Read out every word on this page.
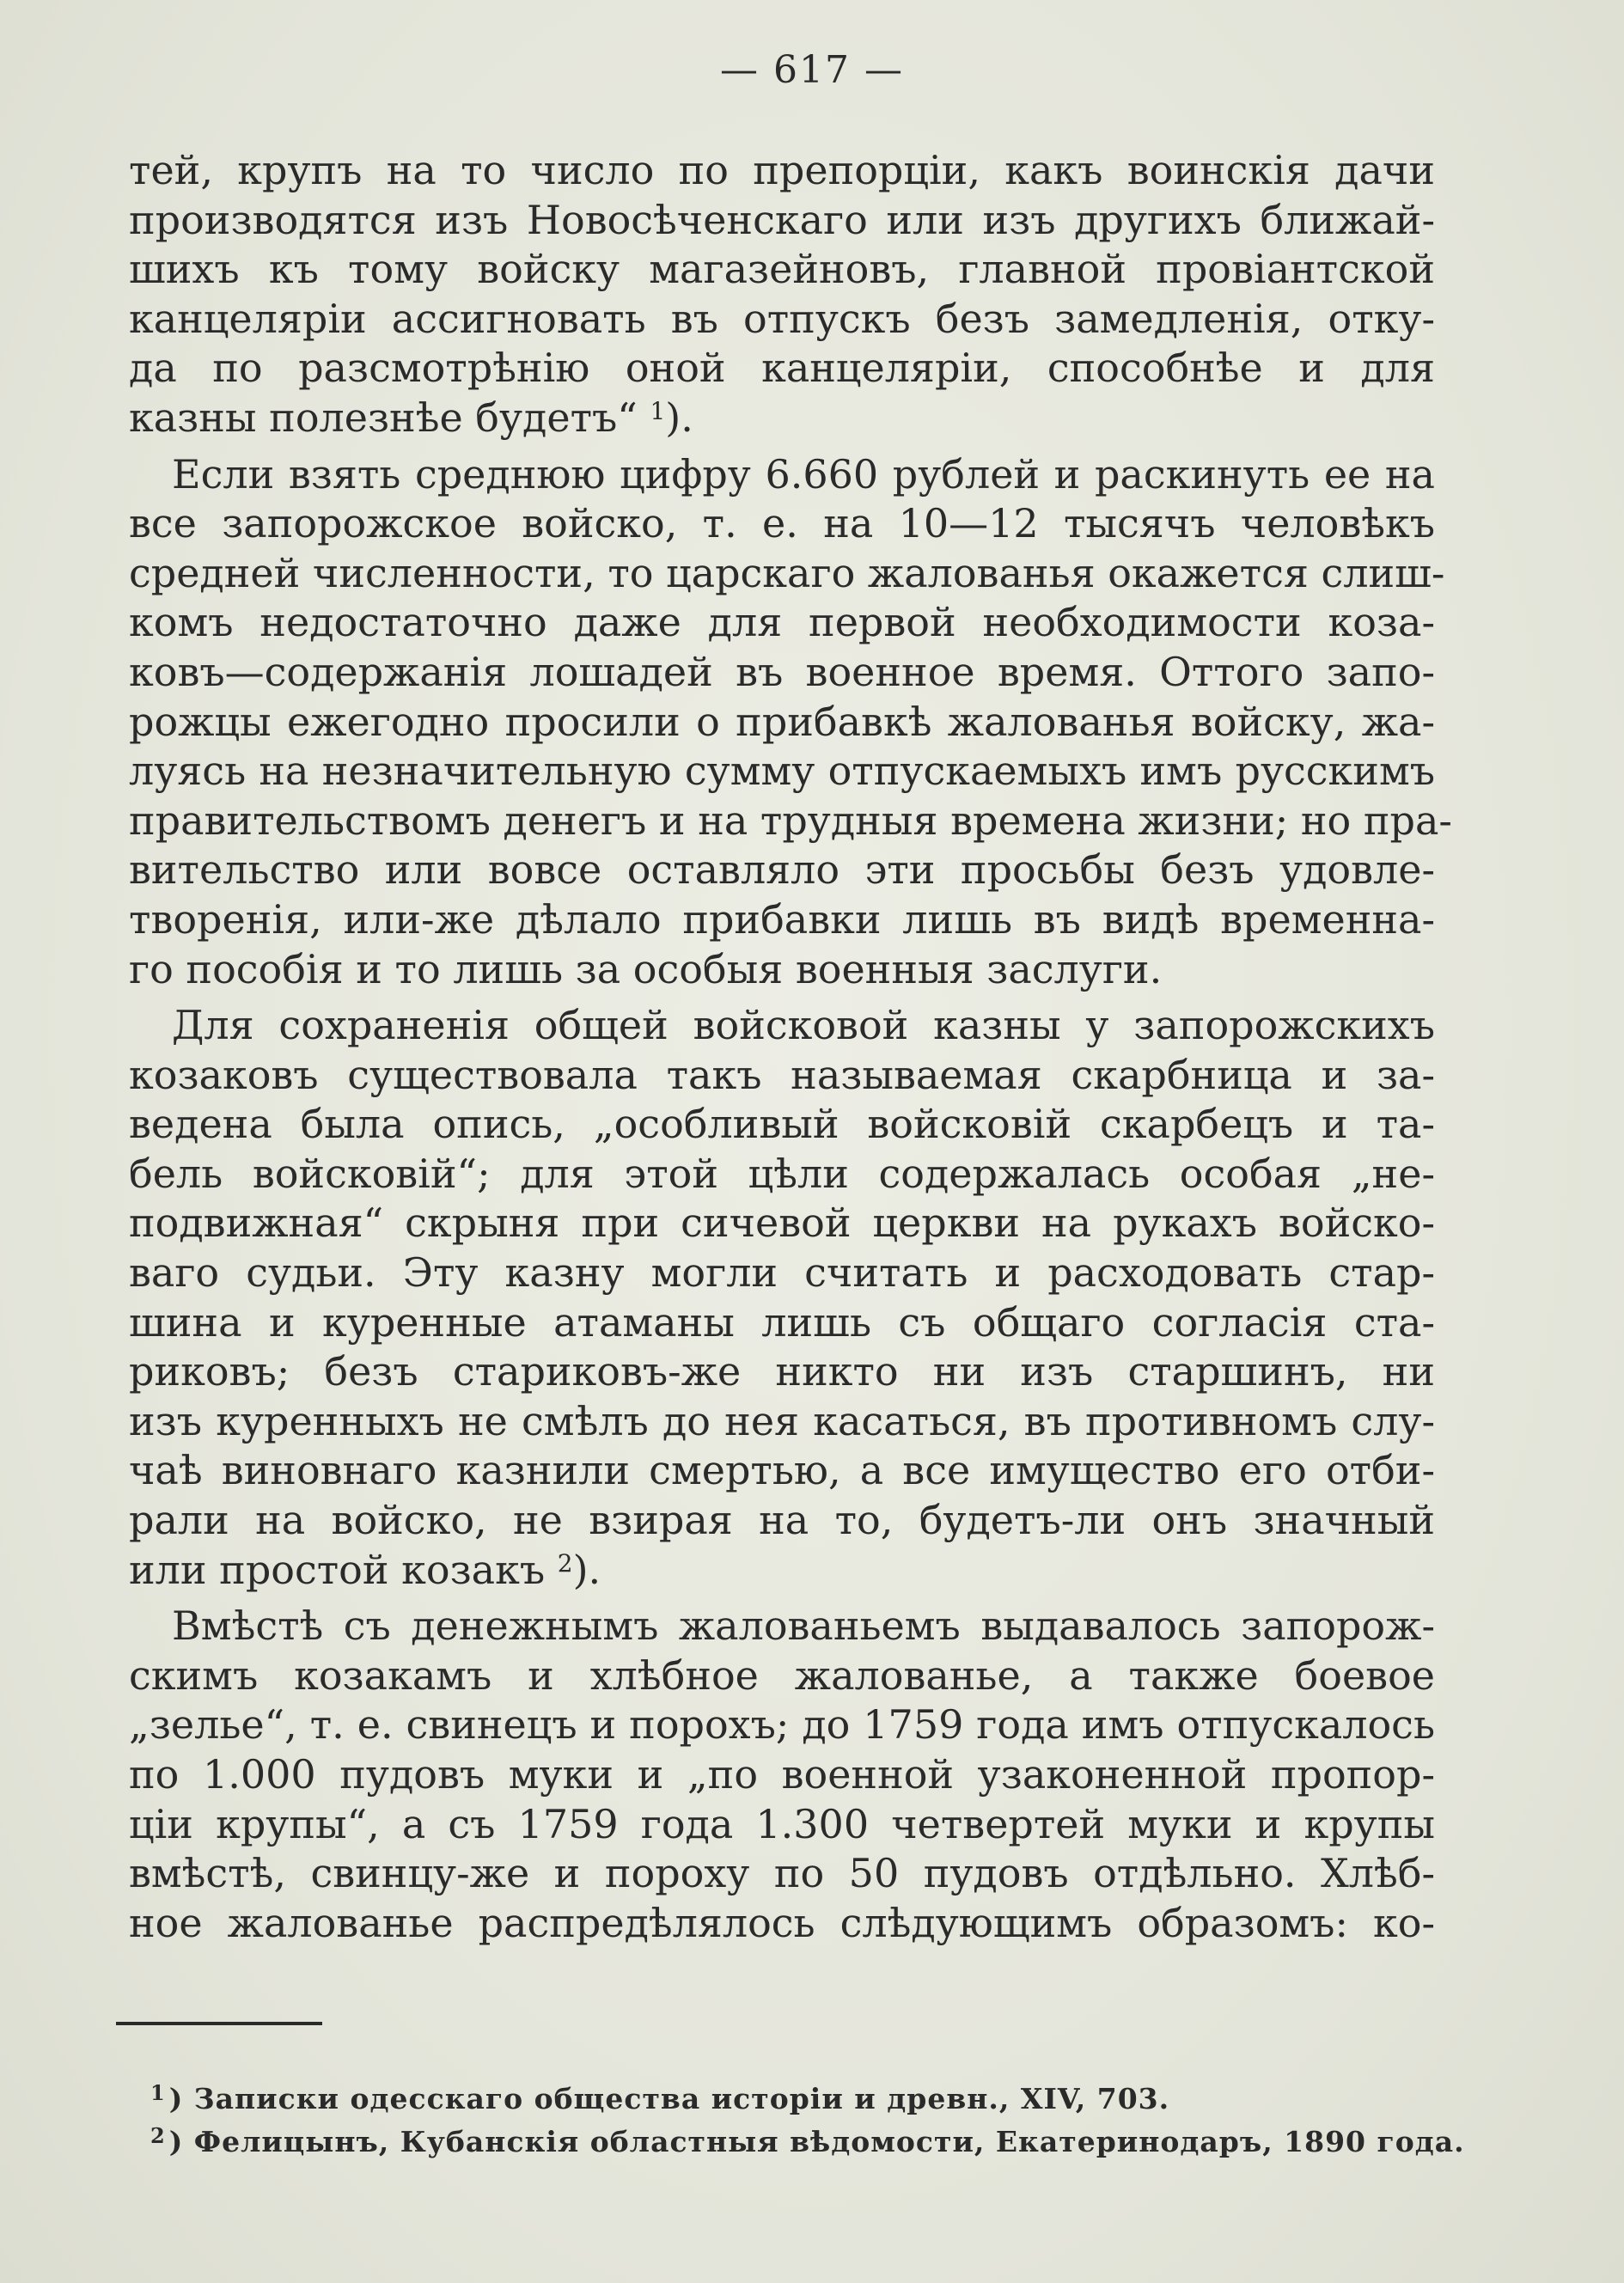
— 617 —
тей, крупъ на то число по препорціи, какъ воинскія дачи
производятся изъ Новосѣченскаго или изъ другихъ ближай-
шихъ къ тому войску магазейновъ, главной провіантской
канцеляріи ассигновать въ отпускъ безъ замедленія, отку-
да по разсмотрѣнію оной канцеляріи, способнѣе и для
казны полезнѣе будетъ“ $^1$).
Если взять среднюю цифру 6.660 рублей и раскинуть ее на
все запорожское войско, т. е. на 10—12 тысячъ человѣкъ
средней численности, то царскаго жалованья окажется слиш-
комъ недостаточно даже для первой необходимости коза-
ковъ—содержанія лошадей въ военное время. Оттого запо-
рожцы ежегодно просили о прибавкѣ жалованья войску, жа-
луясь на незначительную сумму отпускаемыхъ имъ русскимъ
правительствомъ денегъ и на трудныя времена жизни; но пра-
вительство или вовсе оставляло эти просьбы безъ удовле-
творенія, или-же дѣлало прибавки лишь въ видѣ временна-
го пособія и то лишь за особыя военныя заслуги.
Для сохраненія общей войсковой казны у запорожскихъ
козаковъ существовала такъ называемая скарбница и за-
ведена была опись, „особливый войсковій скарбецъ и та-
бель войсковій“; для этой цѣли содержалась особая „не-
подвижная“ скрыня при сичевой церкви на рукахъ войско-
ваго судьи. Эту казну могли считать и расходовать стар-
шина и куренные атаманы лишь съ общаго согласія ста-
риковъ; безъ стариковъ-же никто ни изъ старшинъ, ни
изъ куренныхъ не смѣлъ до нея касаться, въ противномъ слу-
чаѣ виновнаго казнили смертью, а все имущество его отби-
рали на войско, не взирая на то, будетъ-ли онъ значный
или простой козакъ $^2$).
Вмѣстѣ съ денежнымъ жалованьемъ выдавалось запорож-
скимъ козакамъ и хлѣбное жалованье, а также боевое
„зелье“, т. е. свинецъ и порохъ; до 1759 года имъ отпускалось
по 1.000 пудовъ муки и „по военной узаконенной пропор-
ціи крупы“, а съ 1759 года 1.300 четвертей муки и крупы
вмѣстѣ, свинцу-же и пороху по 50 пудовъ отдѣльно. Хлѣб-
ное жалованье распредѣлялось слѣдующимъ образомъ: ко-
$^1$ ) Записки одесскаго общества исторіи и древн., XIV, 703.
$^2$ ) Фелицынъ, Кубанскія областныя вѣдомости, Екатеринодаръ, 1890 года.
